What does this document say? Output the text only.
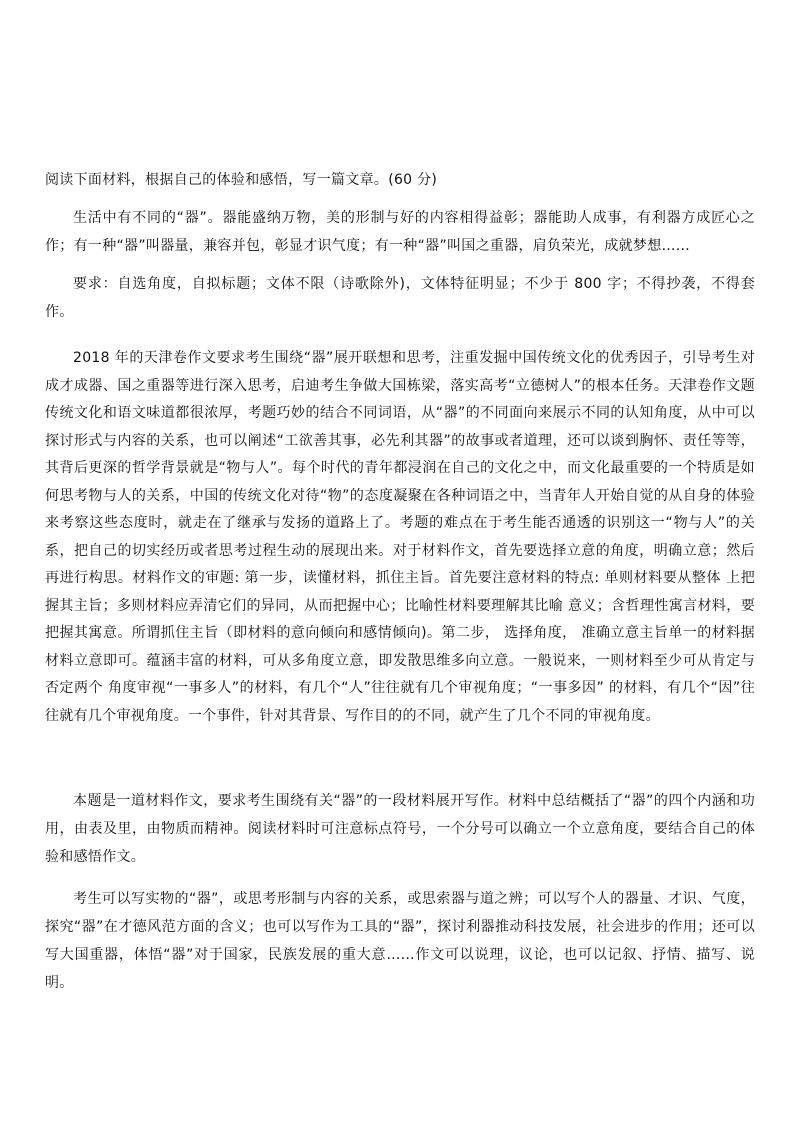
阅读下面材料，根据自己的体验和感悟，写一篇文章。(60 分)

生活中有不同的“器”。器能盛纳万物，美的形制与好的内容相得益彰；器能助人成事，有利器方成匠心之作；有一种“器”叫器量，兼容并包，彰显才识气度；有一种“器”叫国之重器，肩负荣光，成就梦想……

要求：自选角度，自拟标题；文体不限（诗歌除外)，文体特征明显；不少于 800 字；不得抄袭，不得套作。

2018 年的天津卷作文要求考生围绕“器”展开联想和思考，注重发掘中国传统文化的优秀因子，引导考生对成才成器、国之重器等进行深入思考，启迪考生争做大国栋梁，落实高考“立德树人”的根本任务。天津卷作文题传统文化和语文味道都很浓厚，考题巧妙的结合不同词语，从“器”的不同面向来展示不同的认知角度，从中可以探讨形式与内容的关系，也可以阐述“工欲善其事，必先利其器”的故事或者道理，还可以谈到胸怀、责任等等，其背后更深的哲学背景就是“物与人”。每个时代的青年都浸润在自己的文化之中，而文化最重要的一个特质是如何思考物与人的关系，中国的传统文化对待“物”的态度凝聚在各种词语之中，当青年人开始自觉的从自身的体验来考察这些态度时，就走在了继承与发扬的道路上了。考题的难点在于考生能否通透的识别这一“物与人”的关系，把自己的切实经历或者思考过程生动的展现出来。对于材料作文，首先要选择立意的角度，明确立意；然后再进行构思。材料作文的审题: 第一步，读懂材料，抓住主旨。首先要注意材料的特点: 单则材料要从整体 上把握其主旨；多则材料应弄清它们的异同，从而把握中心；比喻性材料要理解其比喻 意义；含哲理性寓言材料，要把握其寓意。所谓抓住主旨（即材料的意向倾向和感情倾向)。第二步， 选择角度， 准确立意主旨单一的材料据材料立意即可。蕴涵丰富的材料，可从多角度立意，即发散思维多向立意。一般说来，一则材料至少可从肯定与否定两个 角度审视“一事多人”的材料，有几个“人”往往就有几个审视角度；“一事多因” 的材料，有几个“因”往往就有几个审视角度。一个事件，针对其背景、写作目的的不同，就产生了几个不同的审视角度。

本题是一道材料作文，要求考生围绕有关“器”的一段材料展开写作。材料中总结概括了“器”的四个内涵和功用，由表及里，由物质而精神。阅读材料时可注意标点符号，一个分号可以确立一个立意角度，要结合自己的体验和感悟作文。

考生可以写实物的“器”，或思考形制与内容的关系，或思索器与道之辨；可以写个人的器量、才识、气度，探究“器”在才德风范方面的含义；也可以写作为工具的“器”，探讨利器推动科技发展，社会进步的作用；还可以写大国重器，体悟“器”对于国家，民族发展的重大意……作文可以说理，议论，也可以记叙、抒情、描写、说明。
